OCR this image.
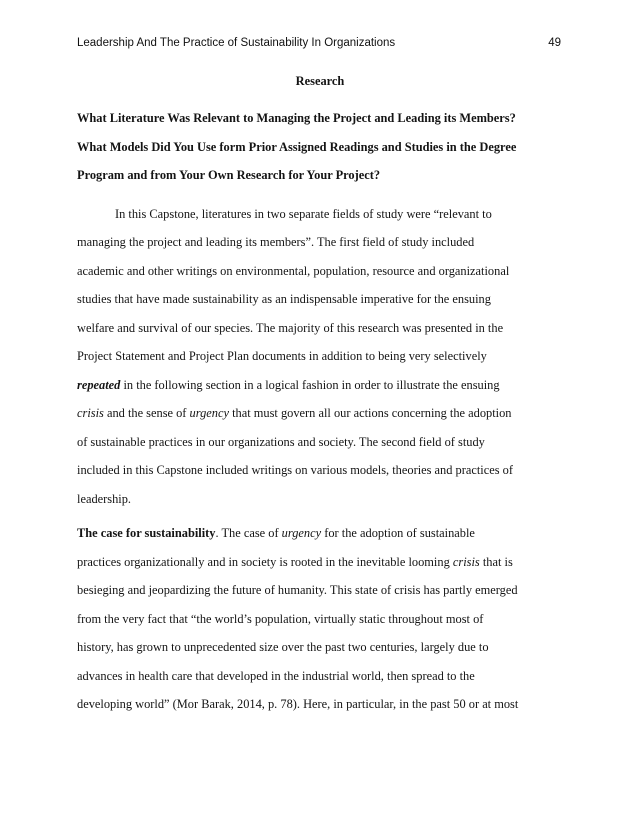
Leadership And The Practice of Sustainability In Organizations	49
Research
What Literature Was Relevant to Managing the Project and Leading its Members?
What Models Did You Use form Prior Assigned Readings and Studies in the Degree
Program and from Your Own Research for Your Project?
In this Capstone, literatures in two separate fields of study were “relevant to
managing the project and leading its members”. The first field of study included
academic and other writings on environmental, population, resource and organizational
studies that have made sustainability as an indispensable imperative for the ensuing
welfare and survival of our species. The majority of this research was presented in the
Project Statement and Project Plan documents in addition to being very selectively
repeated in the following section in a logical fashion in order to illustrate the ensuing
crisis and the sense of urgency that must govern all our actions concerning the adoption
of sustainable practices in our organizations and society. The second field of study
included in this Capstone included writings on various models, theories and practices of
leadership.
The case for sustainability. The case of urgency for the adoption of sustainable
practices organizationally and in society is rooted in the inevitable looming crisis that is
besieging and jeopardizing the future of humanity. This state of crisis has partly emerged
from the very fact that “the world’s population, virtually static throughout most of
history, has grown to unprecedented size over the past two centuries, largely due to
advances in health care that developed in the industrial world, then spread to the
developing world” (Mor Barak, 2014, p. 78). Here, in particular, in the past 50 or at most
